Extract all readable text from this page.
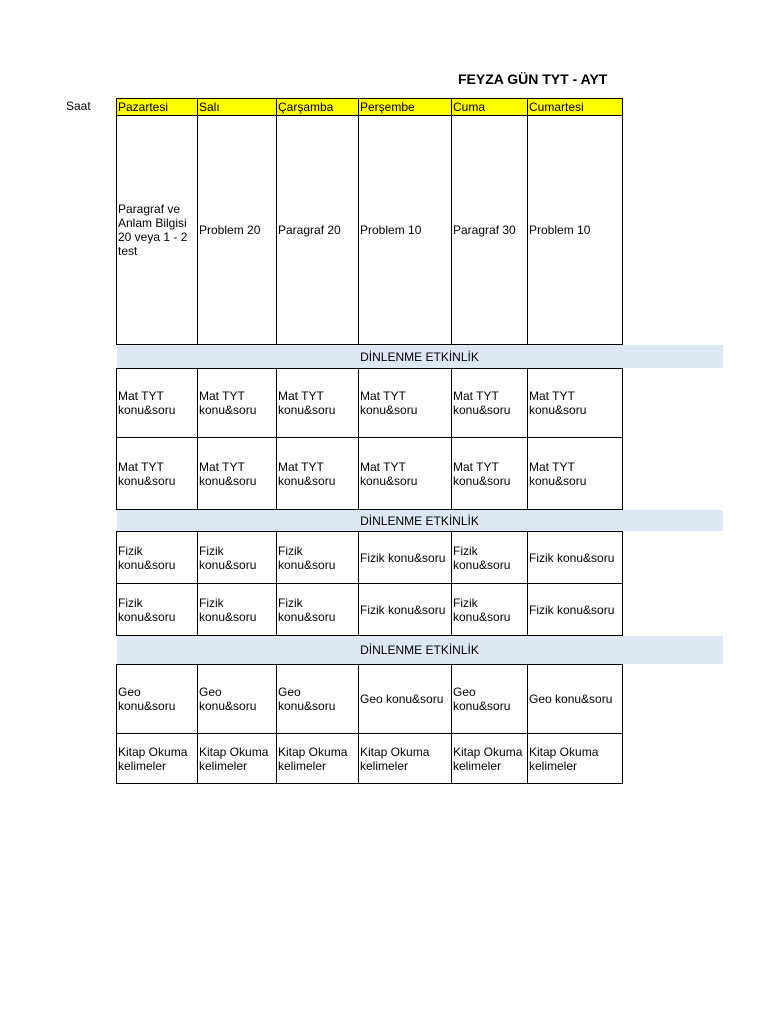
FEYZA GÜN TYT - AYT
Saat Pazartesi	Salı	Çarşamba	Perşembe	Cuma	Cumartesi	
Paragraf ve Anlam Bilgisi 20 veya 1 - 2 test	Problem 20	Paragraf 20	Problem 10	Paragraf 30	Problem 10	
DİNLENME ETKİNLİK						
Mat TYT konu&soru	Mat TYT konu&soru	Mat TYT konu&soru	Mat TYT konu&soru	Mat TYT konu&soru	Mat TYT konu&soru	
Mat TYT konu&soru	Mat TYT konu&soru	Mat TYT konu&soru	Mat TYT konu&soru	Mat TYT konu&soru	Mat TYT konu&soru	
DİNLENME ETKİNLİK						
Fizik konu&soru	Fizik konu&soru	Fizik konu&soru	Fizik konu&soru	Fizik konu&soru	Fizik konu&soru	
Fizik konu&soru	Fizik konu&soru	Fizik konu&soru	Fizik konu&soru	Fizik konu&soru	Fizik konu&soru	
DİNLENME ETKİNLİK						
Geo konu&soru	Geo konu&soru	Geo konu&soru	Geo konu&soru	Geo konu&soru	Geo konu&soru	
Kitap Okuma kelimeler	Kitap Okuma kelimeler	Kitap Okuma kelimeler	Kitap Okuma kelimeler	Kitap Okuma kelimeler	Kitap Okuma kelimeler	
